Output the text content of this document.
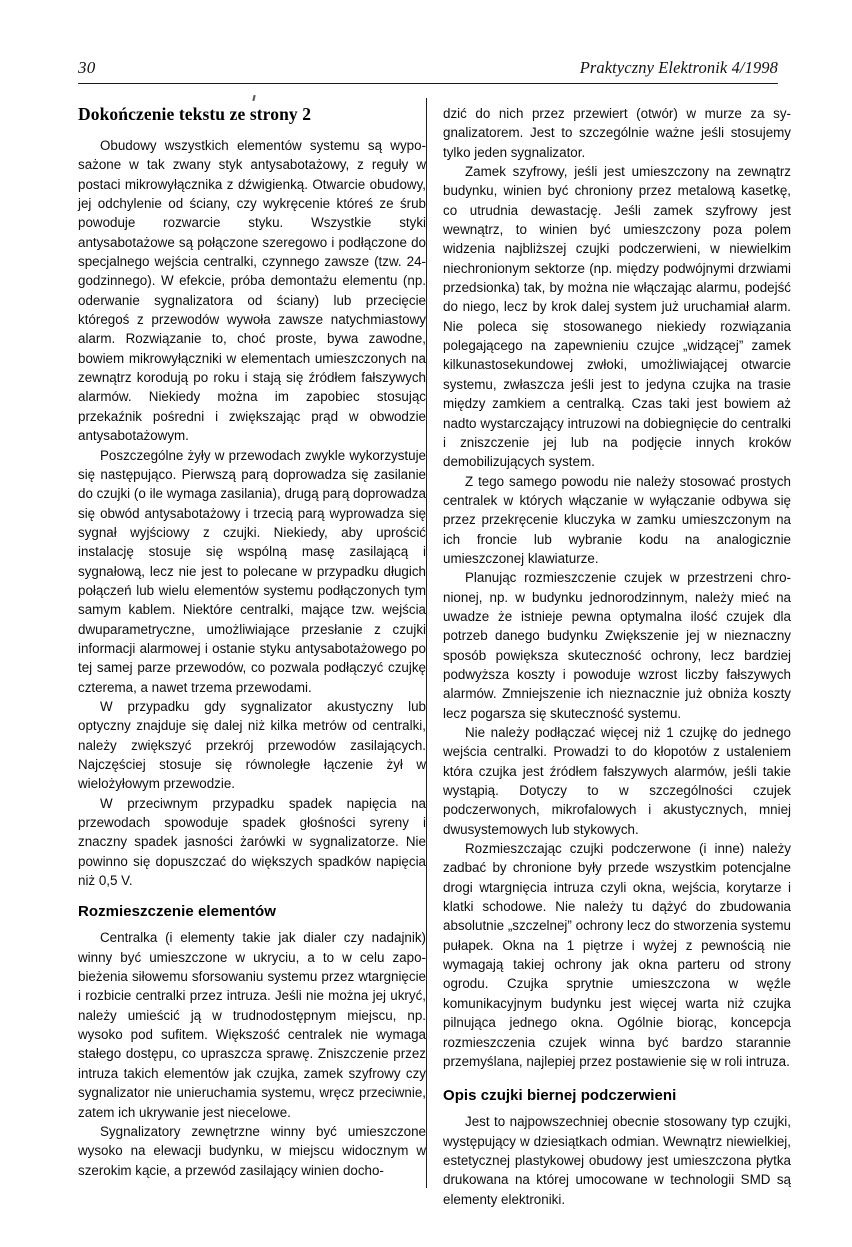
30	Praktyczny Elektronik 4/1998
Dokończenie tekstu ze strony 2

Obudowy wszystkich elementów systemu są wyposażone w tak zwany styk antysabotażowy, z reguły w postaci mikrowyłącznika z dźwigienką. Otwarcie obudowy, jej odchylenie od ściany, czy wykręcenie któreś ze śrub powoduje rozwarcie styku. Wszystkie styki antysabotażowe są połączone szeregowo i podłączone do specjalnego wejścia centralki, czynnego zawsze (tzw. 24-godzinnego). W efekcie, próba demontażu elementu (np. oderwanie sygnalizatora od ściany) lub przecięcie któregoś z przewodów wywoła zawsze natychmiastowy alarm. Rozwiązanie to, choć proste, bywa zawodne, bowiem mikrowyłączniki w elementach umieszczonych na zewnątrz korodują po roku i stają się źródłem fałszywych alarmów. Niekiedy można im zapobiec stosując przekaźnik pośredni i zwiększając prąd w obwodzie antysabotażowym.

Poszczególne żyły w przewodach zwykle wykorzystuje się następująco. Pierwszą parą doprowadza się zasilanie do czujki (o ile wymaga zasilania), drugą parą doprowadza się obwód antysabotażowy i trzecią parą wyprowadza się sygnał wyjściowy z czujki. Niekiedy, aby uprościć instalację stosuje się wspólną masę zasilającą i sygnałową, lecz nie jest to polecane w przypadku długich połączeń lub wielu elementów systemu podłączonych tym samym kablem. Niektóre centralki, mające tzw. wejścia dwuparametryczne, umożliwiające przesłanie z czujki informacji alarmowej i ostanie styku antysabotażowego po tej samej parze przewodów, co pozwala podłączyć czujkę czterema, a nawet trzema przewodami.

W przypadku gdy sygnalizator akustyczny lub optyczny znajduje się dalej niż kilka metrów od centralki, należy zwiększyć przekrój przewodów zasilających. Najczęściej stosuje się równoległe łączenie żył w wielożyłowym przewodzie.

W przeciwnym przypadku spadek napięcia na przewodach spowoduje spadek głośności syreny i znaczny spadek jasności żarówki w sygnalizatorze. Nie powinno się dopuszczać do większych spadków napięcia niż 0,5 V.

Rozmieszczenie elementów

Centralka (i elementy takie jak dialer czy nadajnik) winny być umieszczone w ukryciu, a to w celu zapobieżenia siłowemu sforsowaniu systemu przez wtargnięcie i rozbicie centralki przez intruza. Jeśli nie można jej ukryć, należy umieścić ją w trudnodostępnym miejscu, np. wysoko pod sufitem. Większość centralek nie wymaga stałego dostępu, co upraszcza sprawę. Zniszczenie przez intruza takich elementów jak czujka, zamek szyfrowy czy sygnalizator nie unieruchamia systemu, wręcz przeciwnie, zatem ich ukrywanie jest niecelowe.

Sygnalizatory zewnętrzne winny być umieszczone wysoko na elewacji budynku, w miejscu widocznym w szerokim kącie, a przewód zasilający winien docho-

dzić do nich przez przewiert (otwór) w murze za sygnalizatorem. Jest to szczególnie ważne jeśli stosujemy tylko jeden sygnalizator.

Zamek szyfrowy, jeśli jest umieszczony na zewnątrz budynku, winien być chroniony przez metalową kasetkę, co utrudnia dewastację. Jeśli zamek szyfrowy jest wewnątrz, to winien być umieszczony poza polem widzenia najbliższej czujki podczerwieni, w niewielkim niechronionym sektorze (np. między podwójnymi drzwiami przedsionka) tak, by można nie włączając alarmu, podejść do niego, lecz by krok dalej system już uruchamiał alarm. Nie poleca się stosowanego niekiedy rozwiązania polegającego na zapewnieniu czujce „widzącej” zamek kilkunastosekundowej zwłoki, umożliwiającej otwarcie systemu, zwłaszcza jeśli jest to jedyna czujka na trasie między zamkiem a centralką. Czas taki jest bowiem aż nadto wystarczający intruzowi na dobiegnięcie do centralki i zniszczenie jej lub na podjęcie innych kroków demobilizujących system.

Z tego samego powodu nie należy stosować prostych centralek w których włączanie w wyłączanie odbywa się przez przekręcenie kluczyka w zamku umieszczonym na ich froncie lub wybranie kodu na analogicznie umieszczonej klawiaturze.

Planując rozmieszczenie czujek w przestrzeni chronionej, np. w budynku jednorodzinnym, należy mieć na uwadze że istnieje pewna optymalna ilość czujek dla potrzeb danego budynku Zwiększenie jej w nieznaczny sposób powiększa skuteczność ochrony, lecz bardziej podwyższa koszty i powoduje wzrost liczby fałszywych alarmów. Zmniejszenie ich nieznacznie już obniża koszty lecz pogarsza się skuteczność systemu.

Nie należy podłączać więcej niż 1 czujkę do jednego wejścia centralki. Prowadzi to do kłopotów z ustaleniem która czujka jest źródłem fałszywych alarmów, jeśli takie wystąpią. Dotyczy to w szczególności czujek podczerwonych, mikrofalowych i akustycznych, mniej dwusystemowych lub stykowych.

Rozmieszczając czujki podczerwone (i inne) należy zadbać by chronione były przede wszystkim potencjalne drogi wtargnięcia intruza czyli okna, wejścia, korytarze i klatki schodowe. Nie należy tu dążyć do zbudowania absolutnie „szczelnej” ochrony lecz do stworzenia systemu pułapek. Okna na 1 piętrze i wyżej z pewnością nie wymagają takiej ochrony jak okna parteru od strony ogrodu. Czujka sprytnie umieszczona w węźle komunikacyjnym budynku jest więcej warta niż czujka pilnująca jednego okna. Ogólnie biorąc, koncepcja rozmieszczenia czujek winna być bardzo starannie przemyślana, najlepiej przez postawienie się w roli intruza.

Opis czujki biernej podczerwieni

Jest to najpowszechniej obecnie stosowany typ czujki, występujący w dziesiątkach odmian. Wewnątrz niewielkiej, estetycznej plastykowej obudowy jest umieszczona płytka drukowana na której umocowane w technologii SMD są elementy elektroniki.
